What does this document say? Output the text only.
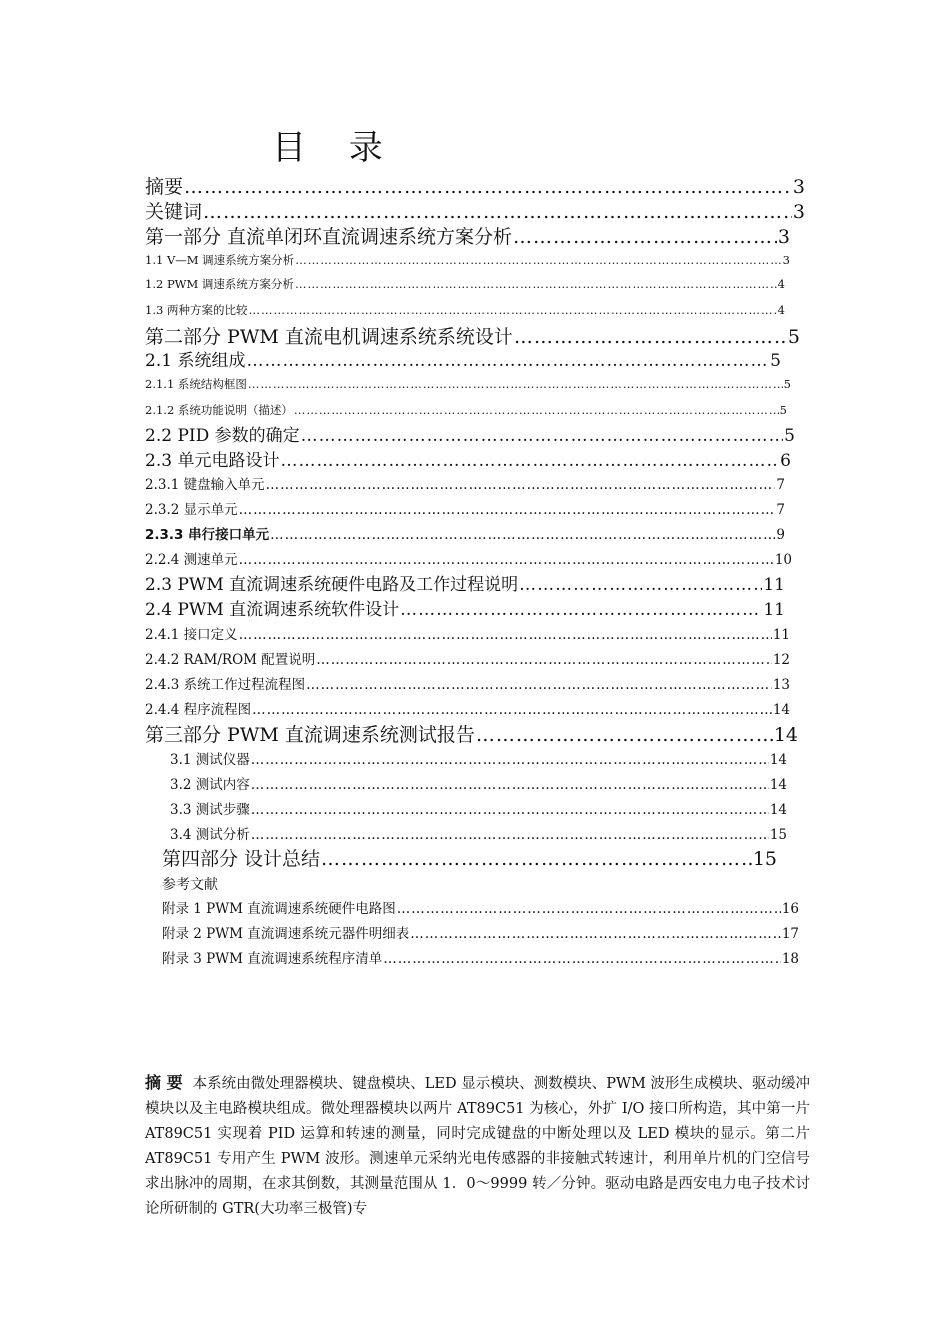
目 录
摘要 ……………………………………………………………………………………………………………………………………………………………………………………………………………	3
关键词 ……………………………………………………………………………………………………………………………………………………………………………………………………………	3
第一部分 直流单闭环直流调速系统方案分析 ……………………………………………………………………………………………………………………………………………………………………………………………………………	3
1.1 V—M 调速系统方案分析 ……………………………………………………………………………………………………………………………………………………………………………………………………………	3
1.2 PWM 调速系统方案分析 ……………………………………………………………………………………………………………………………………………………………………………………………………………	4
1.3 两种方案的比较 ……………………………………………………………………………………………………………………………………………………………………………………………………………	4
第二部分 PWM 直流电机调速系统系统设计 ……………………………………………………………………………………………………………………………………………………………………………………………………………	5
2.1 系统组成 ……………………………………………………………………………………………………………………………………………………………………………………………………………	5
2.1.1 系统结构框图 ……………………………………………………………………………………………………………………………………………………………………………………………………………	5
2.1.2 系统功能说明（描述） ……………………………………………………………………………………………………………………………………………………………………………………………………………	5
2.2 PID 参数的确定 ……………………………………………………………………………………………………………………………………………………………………………………………………………	5
2.3 单元电路设计 ……………………………………………………………………………………………………………………………………………………………………………………………………………	6
2.3.1 键盘输入单元 ……………………………………………………………………………………………………………………………………………………………………………………………………………	7
2.3.2 显示单元 ……………………………………………………………………………………………………………………………………………………………………………………………………………	7
2.3.3 串行接口单元 ……………………………………………………………………………………………………………………………………………………………………………………………………………	9
2.2.4 测速单元 ……………………………………………………………………………………………………………………………………………………………………………………………………………	10
2.3 PWM 直流调速系统硬件电路及工作过程说明 ……………………………………………………………………………………………………………………………………………………………………………………………………………	11
2.4 PWM 直流调速系统软件设计 ……………………………………………………………………………………………………………………………………………………………………………………………………………	11
2.4.1 接口定义 ……………………………………………………………………………………………………………………………………………………………………………………………………………	11
2.4.2 RAM/ROM 配置说明 ……………………………………………………………………………………………………………………………………………………………………………………………………………	12
2.4.3 系统工作过程流程图 ……………………………………………………………………………………………………………………………………………………………………………………………………………	13
2.4.4 程序流程图 ……………………………………………………………………………………………………………………………………………………………………………………………………………	14
第三部分 PWM 直流调速系统测试报告 ……………………………………………………………………………………………………………………………………………………………………………………………………………	14
3.1 测试仪器 ……………………………………………………………………………………………………………………………………………………………………………………………………………	14
3.2 测试内容 ……………………………………………………………………………………………………………………………………………………………………………………………………………	14
3.3 测试步骤 ……………………………………………………………………………………………………………………………………………………………………………………………………………	14
3.4 测试分析 ……………………………………………………………………………………………………………………………………………………………………………………………………………	15
第四部分 设计总结 ……………………………………………………………………………………………………………………………………………………………………………………………………………	15
参考文献
附录 1 PWM 直流调速系统硬件电路图 ……………………………………………………………………………………………………………………………………………………………………………………………………………	16
附录 2 PWM 直流调速系统元器件明细表 ……………………………………………………………………………………………………………………………………………………………………………………………………………	17
附录 3 PWM 直流调速系统程序清单 ……………………………………………………………………………………………………………………………………………………………………………………………………………	18

摘 要 本系统由微处理器模块、键盘模块、LED 显示模块、测数模块、PWM 波形生成模块、驱动缓冲模块以及主电路模块组成。微处理器模块以两片 AT89C51 为核心，外扩 I/O 接口所构造，其中第一片 AT89C51 实现着 PID 运算和转速的测量，同时完成键盘的中断处理以及 LED 模块的显示。第二片 AT89C51 专用产生 PWM 波形。测速单元采纳光电传感器的非接触式转速计，利用单片机的门空信号求出脉冲的周期，在求其倒数，其测量范围从 1．0～9999 转／分钟。驱动电路是西安电力电子技术讨论所研制的 GTR(大功率三极管)专
